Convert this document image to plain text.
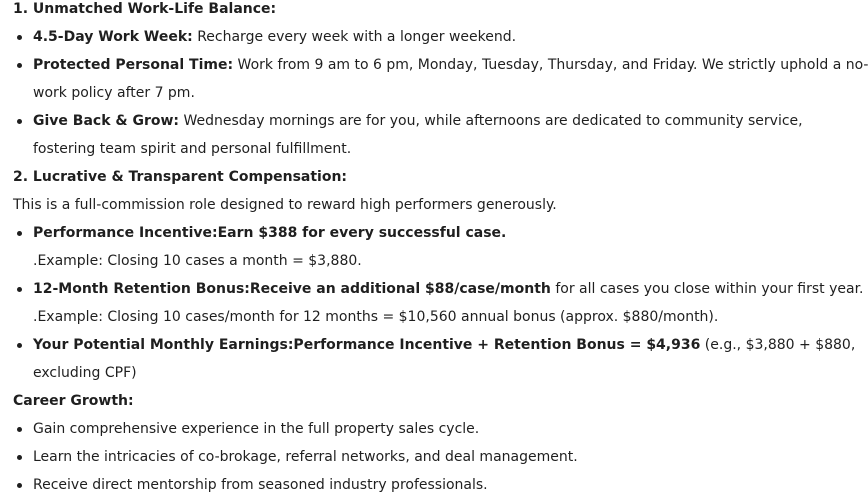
1. Unmatched Work-Life Balance:
4.5-Day Work Week: Recharge every week with a longer weekend.
Protected Personal Time: Work from 9 am to 6 pm, Monday, Tuesday, Thursday, and Friday. We strictly uphold a no-
work policy after 7 pm.
Give Back & Grow: Wednesday mornings are for you, while afternoons are dedicated to community service,
fostering team spirit and personal fulfillment.
2. Lucrative & Transparent Compensation:
This is a full-commission role designed to reward high performers generously.
Performance Incentive:Earn $388 for every successful case.
.Example: Closing 10 cases a month = $3,880.
12-Month Retention Bonus:Receive an additional $88/case/month for all cases you close within your first year.
.Example: Closing 10 cases/month for 12 months = $10,560 annual bonus (approx. $880/month).
Your Potential Monthly Earnings:Performance Incentive + Retention Bonus = $4,936 (e.g., $3,880 + $880,
excluding CPF)
Career Growth:
Gain comprehensive experience in the full property sales cycle.
Learn the intricacies of co-brokage, referral networks, and deal management.
Receive direct mentorship from seasoned industry professionals.
